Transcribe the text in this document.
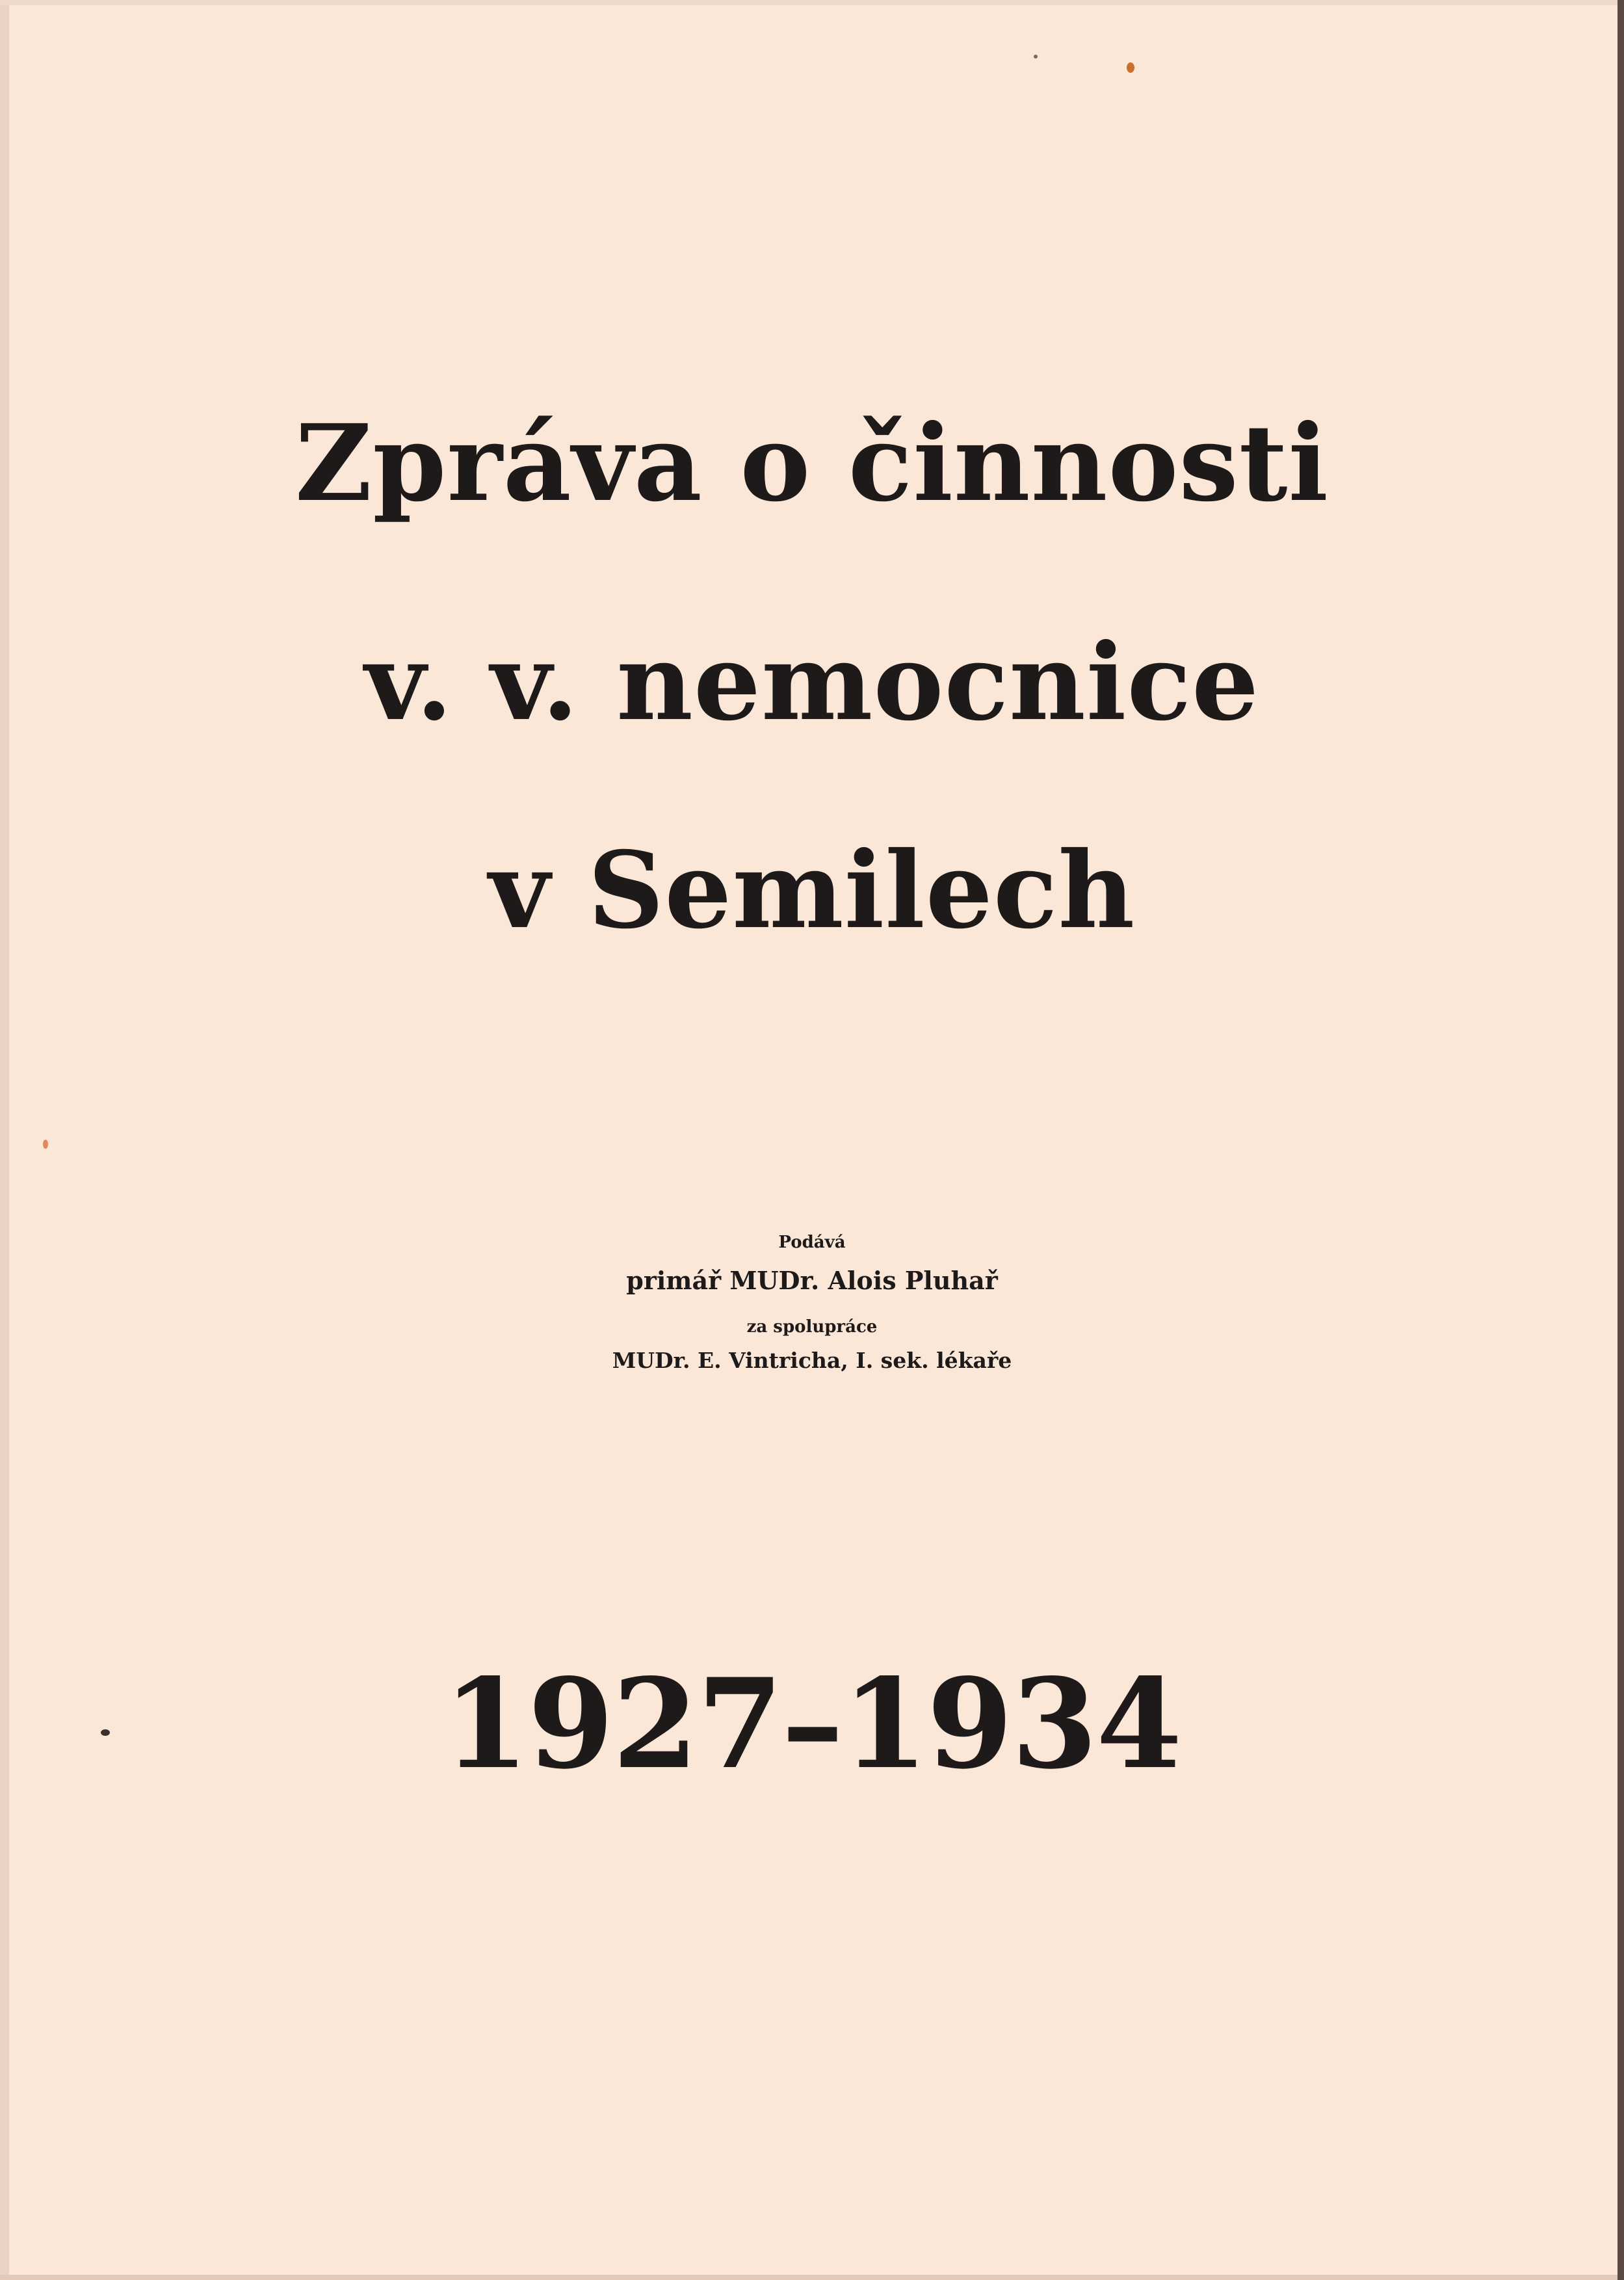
Zpráva o činnosti
v. v. nemocnice
v Semilech
Podává
primář MUDr. Alois Pluhař
za spolupráce
MUDr. E. Vintricha, I. sek. lékaře
1927–1934
